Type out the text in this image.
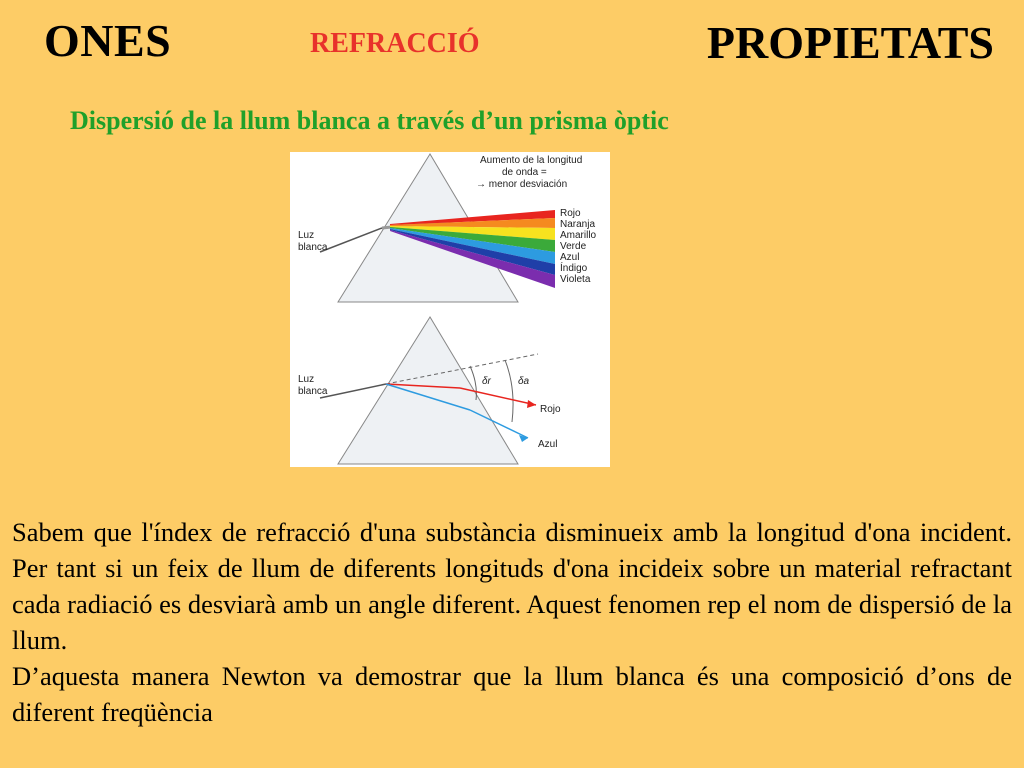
ONES	REFRACCIÓ	PROPIETATS
Dispersió de la llum blanca a través d’un prisma òptic
Aumento de la longitud
de onda =
→ menor desviación
Luz
blanca
Rojo
Naranja
Amarillo
Verde
Azul
Índigo
Violeta
Luz
blanca
δr	δa
Rojo
Azul

Sabem que l'índex de refracció d'una substància disminueix amb la longitud d'ona incident. Per tant si un feix de llum de diferents longituds d'ona incideix sobre un material refractant cada radiació es desviarà amb un angle diferent. Aquest fenomen rep el nom de dispersió de la llum.

D’aquesta manera Newton va demostrar que la llum blanca és una composició d’ons de diferent freqüència
